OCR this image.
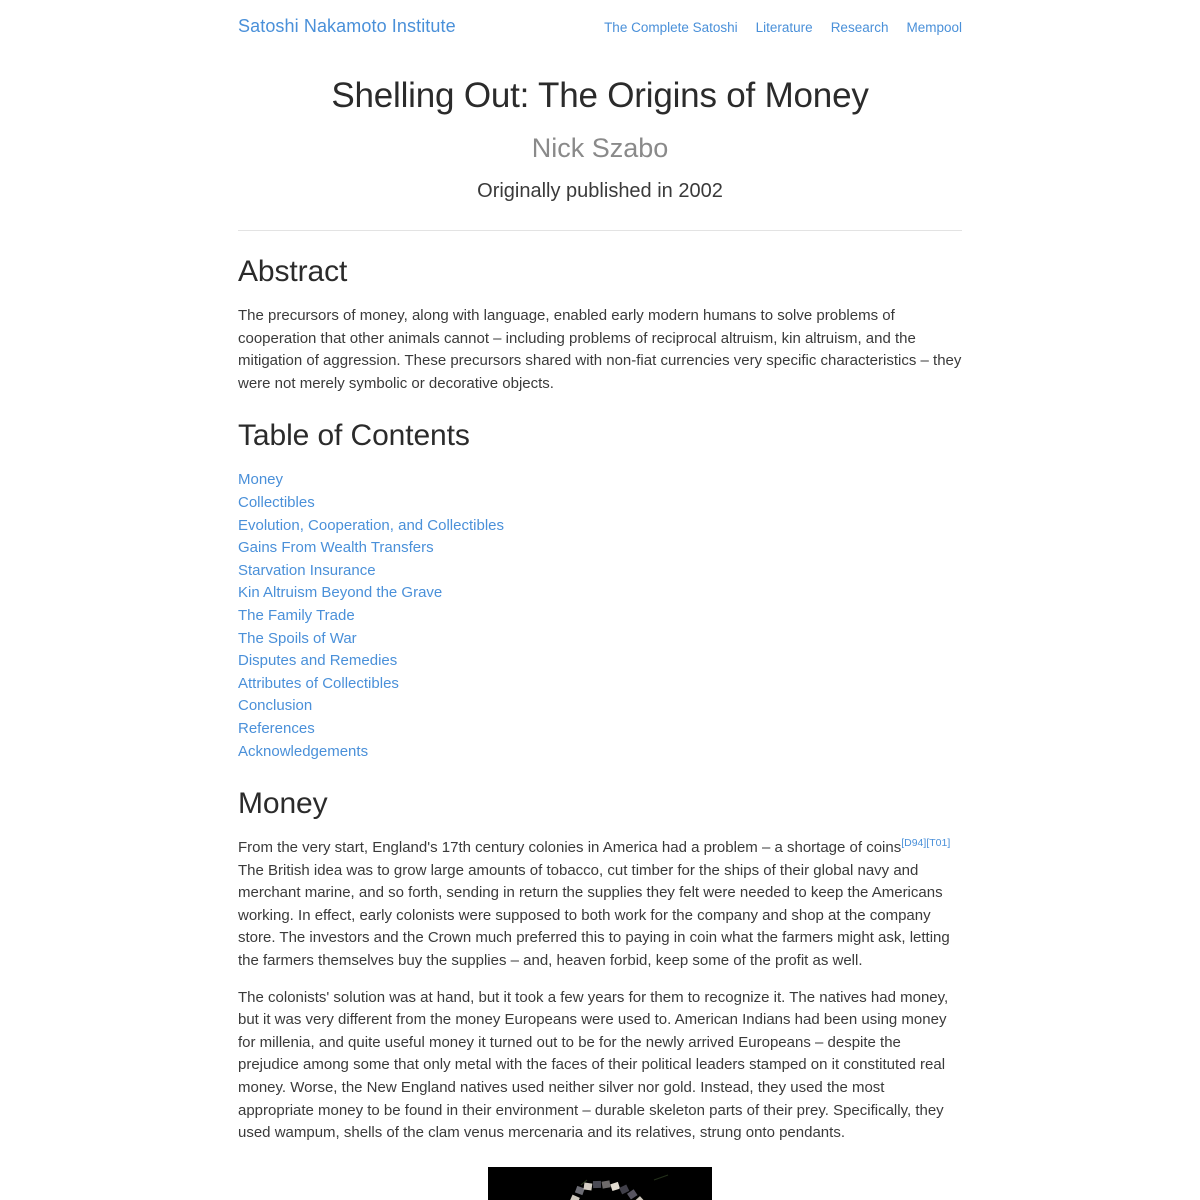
Satoshi Nakamoto Institute	The Complete Satoshi Literature Research Mempool
Shelling Out: The Origins of Money
Nick Szabo
Originally published in 2002
Abstract

The precursors of money, along with language, enabled early modern humans to solve problems of cooperation that other animals cannot – including problems of reciprocal altruism, kin altruism, and the mitigation of aggression. These precursors shared with non-fiat currencies very specific characteristics – they were not merely symbolic or decorative objects.

Table of Contents
Money
Collectibles
Evolution, Cooperation, and Collectibles
Gains From Wealth Transfers
Starvation Insurance
Kin Altruism Beyond the Grave
The Family Trade
The Spoils of War
Disputes and Remedies
Attributes of Collectibles
Conclusion
References
Acknowledgements
Money

From the very start, England's 17th century colonies in America had a problem – a shortage of coins[D94][T01] The British idea was to grow large amounts of tobacco, cut timber for the ships of their global navy and merchant marine, and so forth, sending in return the supplies they felt were needed to keep the Americans working. In effect, early colonists were supposed to both work for the company and shop at the company store. The investors and the Crown much preferred this to paying in coin what the farmers might ask, letting the farmers themselves buy the supplies – and, heaven forbid, keep some of the profit as well.

The colonists' solution was at hand, but it took a few years for them to recognize it. The natives had money, but it was very different from the money Europeans were used to. American Indians had been using money for millenia, and quite useful money it turned out to be for the newly arrived Europeans – despite the prejudice among some that only metal with the faces of their political leaders stamped on it constituted real money. Worse, the New England natives used neither silver nor gold. Instead, they used the most appropriate money to be found in their environment – durable skeleton parts of their prey. Specifically, they used wampum, shells of the clam venus mercenaria and its relatives, strung onto pendants.
